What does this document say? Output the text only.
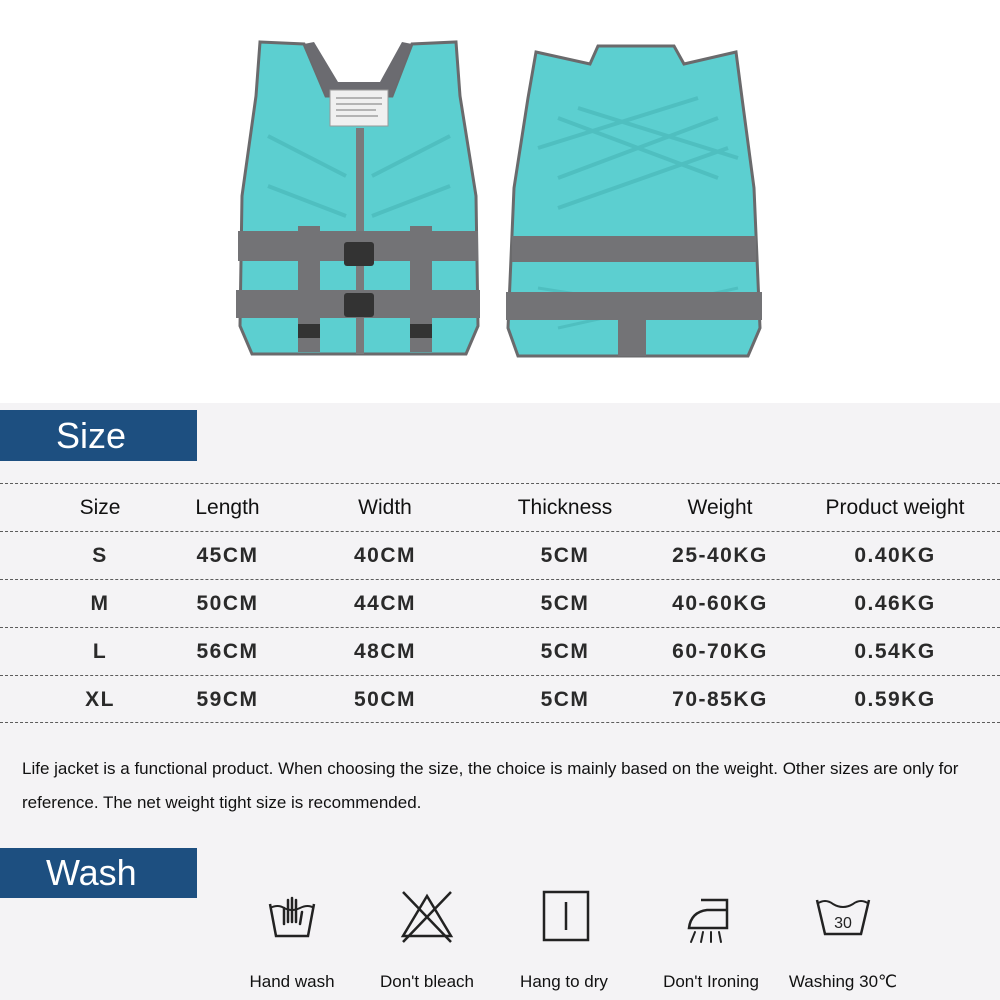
Size
Size	Length	Width	Thickness	Weight	Product weight
S	45CM	40CM	5CM	25-40KG	0.40KG
M	50CM	44CM	5CM	40-60KG	0.46KG
L	56CM	48CM	5CM	60-70KG	0.54KG
XL	59CM	50CM	5CM	70-85KG	0.59KG

Life jacket is a functional product. When choosing the size, the choice is mainly based on the weight. Other sizes are only for reference. The net weight tight size is recommended.

Wash
Hand wash	Don't bleach	Hang to dry	Don't Ironing
30
Washing 30℃
